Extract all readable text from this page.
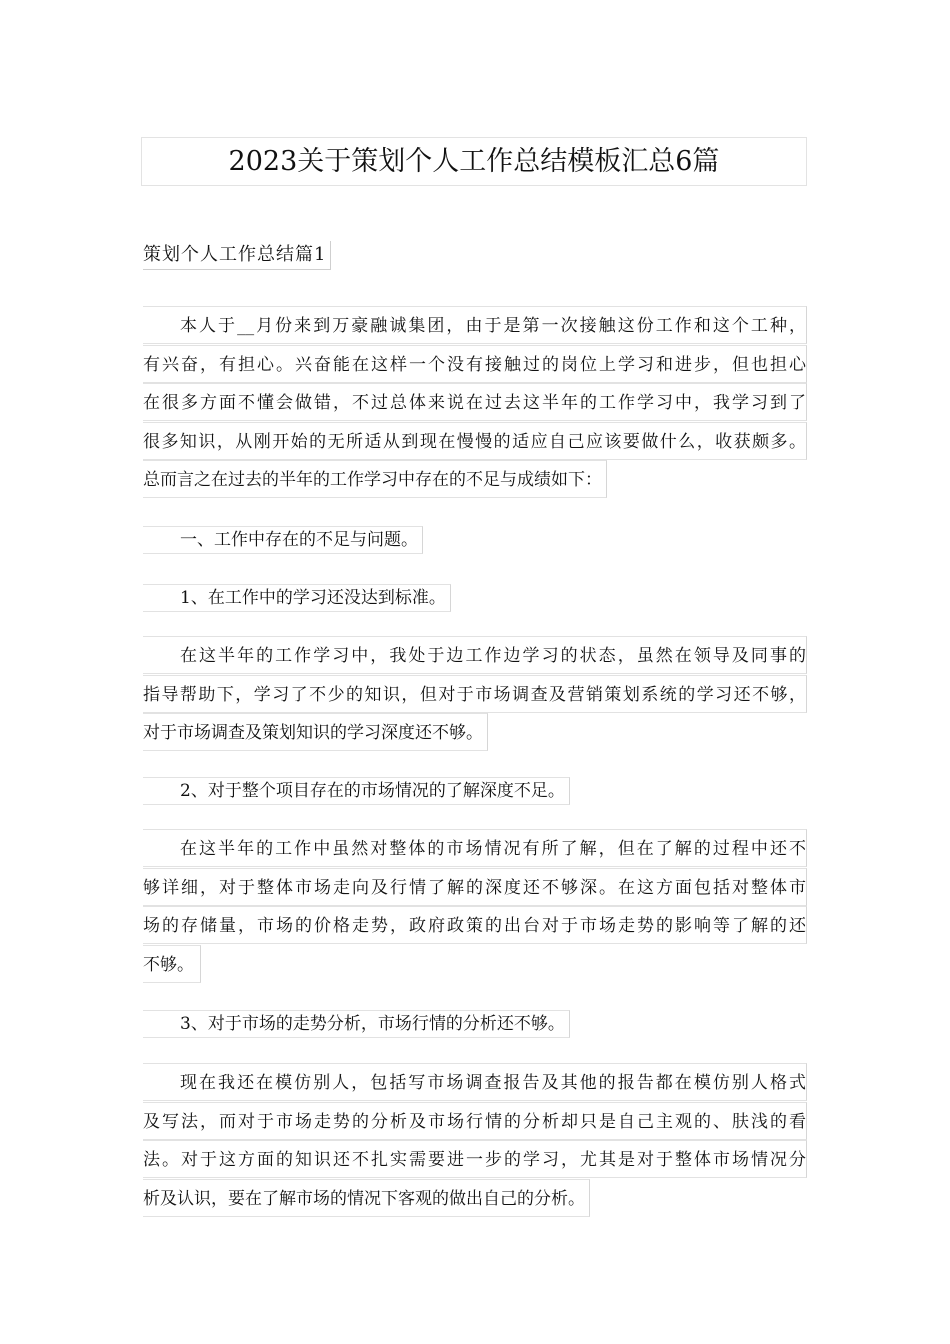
2023关于策划个人工作总结模板汇总6篇
策划个人工作总结篇1
本人于__月份来到万豪融诚集团，由于是第一次接触这份工作和这个工种，
有兴奋，有担心。兴奋能在这样一个没有接触过的岗位上学习和进步，但也担心
在很多方面不懂会做错，不过总体来说在过去这半年的工作学习中，我学习到了
很多知识，从刚开始的无所适从到现在慢慢的适应自己应该要做什么，收获颇多。
总而言之在过去的半年的工作学习中存在的不足与成绩如下：
一、工作中存在的不足与问题。
1、在工作中的学习还没达到标准。
在这半年的工作学习中，我处于边工作边学习的状态，虽然在领导及同事的
指导帮助下，学习了不少的知识，但对于市场调查及营销策划系统的学习还不够，
对于市场调查及策划知识的学习深度还不够。
2、对于整个项目存在的市场情况的了解深度不足。
在这半年的工作中虽然对整体的市场情况有所了解，但在了解的过程中还不
够详细，对于整体市场走向及行情了解的深度还不够深。在这方面包括对整体市
场的存储量，市场的价格走势，政府政策的出台对于市场走势的影响等了解的还
不够。
3、对于市场的走势分析，市场行情的分析还不够。
现在我还在模仿别人，包括写市场调查报告及其他的报告都在模仿别人格式
及写法，而对于市场走势的分析及市场行情的分析却只是自己主观的、肤浅的看
法。对于这方面的知识还不扎实需要进一步的学习，尤其是对于整体市场情况分
析及认识，要在了解市场的情况下客观的做出自己的分析。
